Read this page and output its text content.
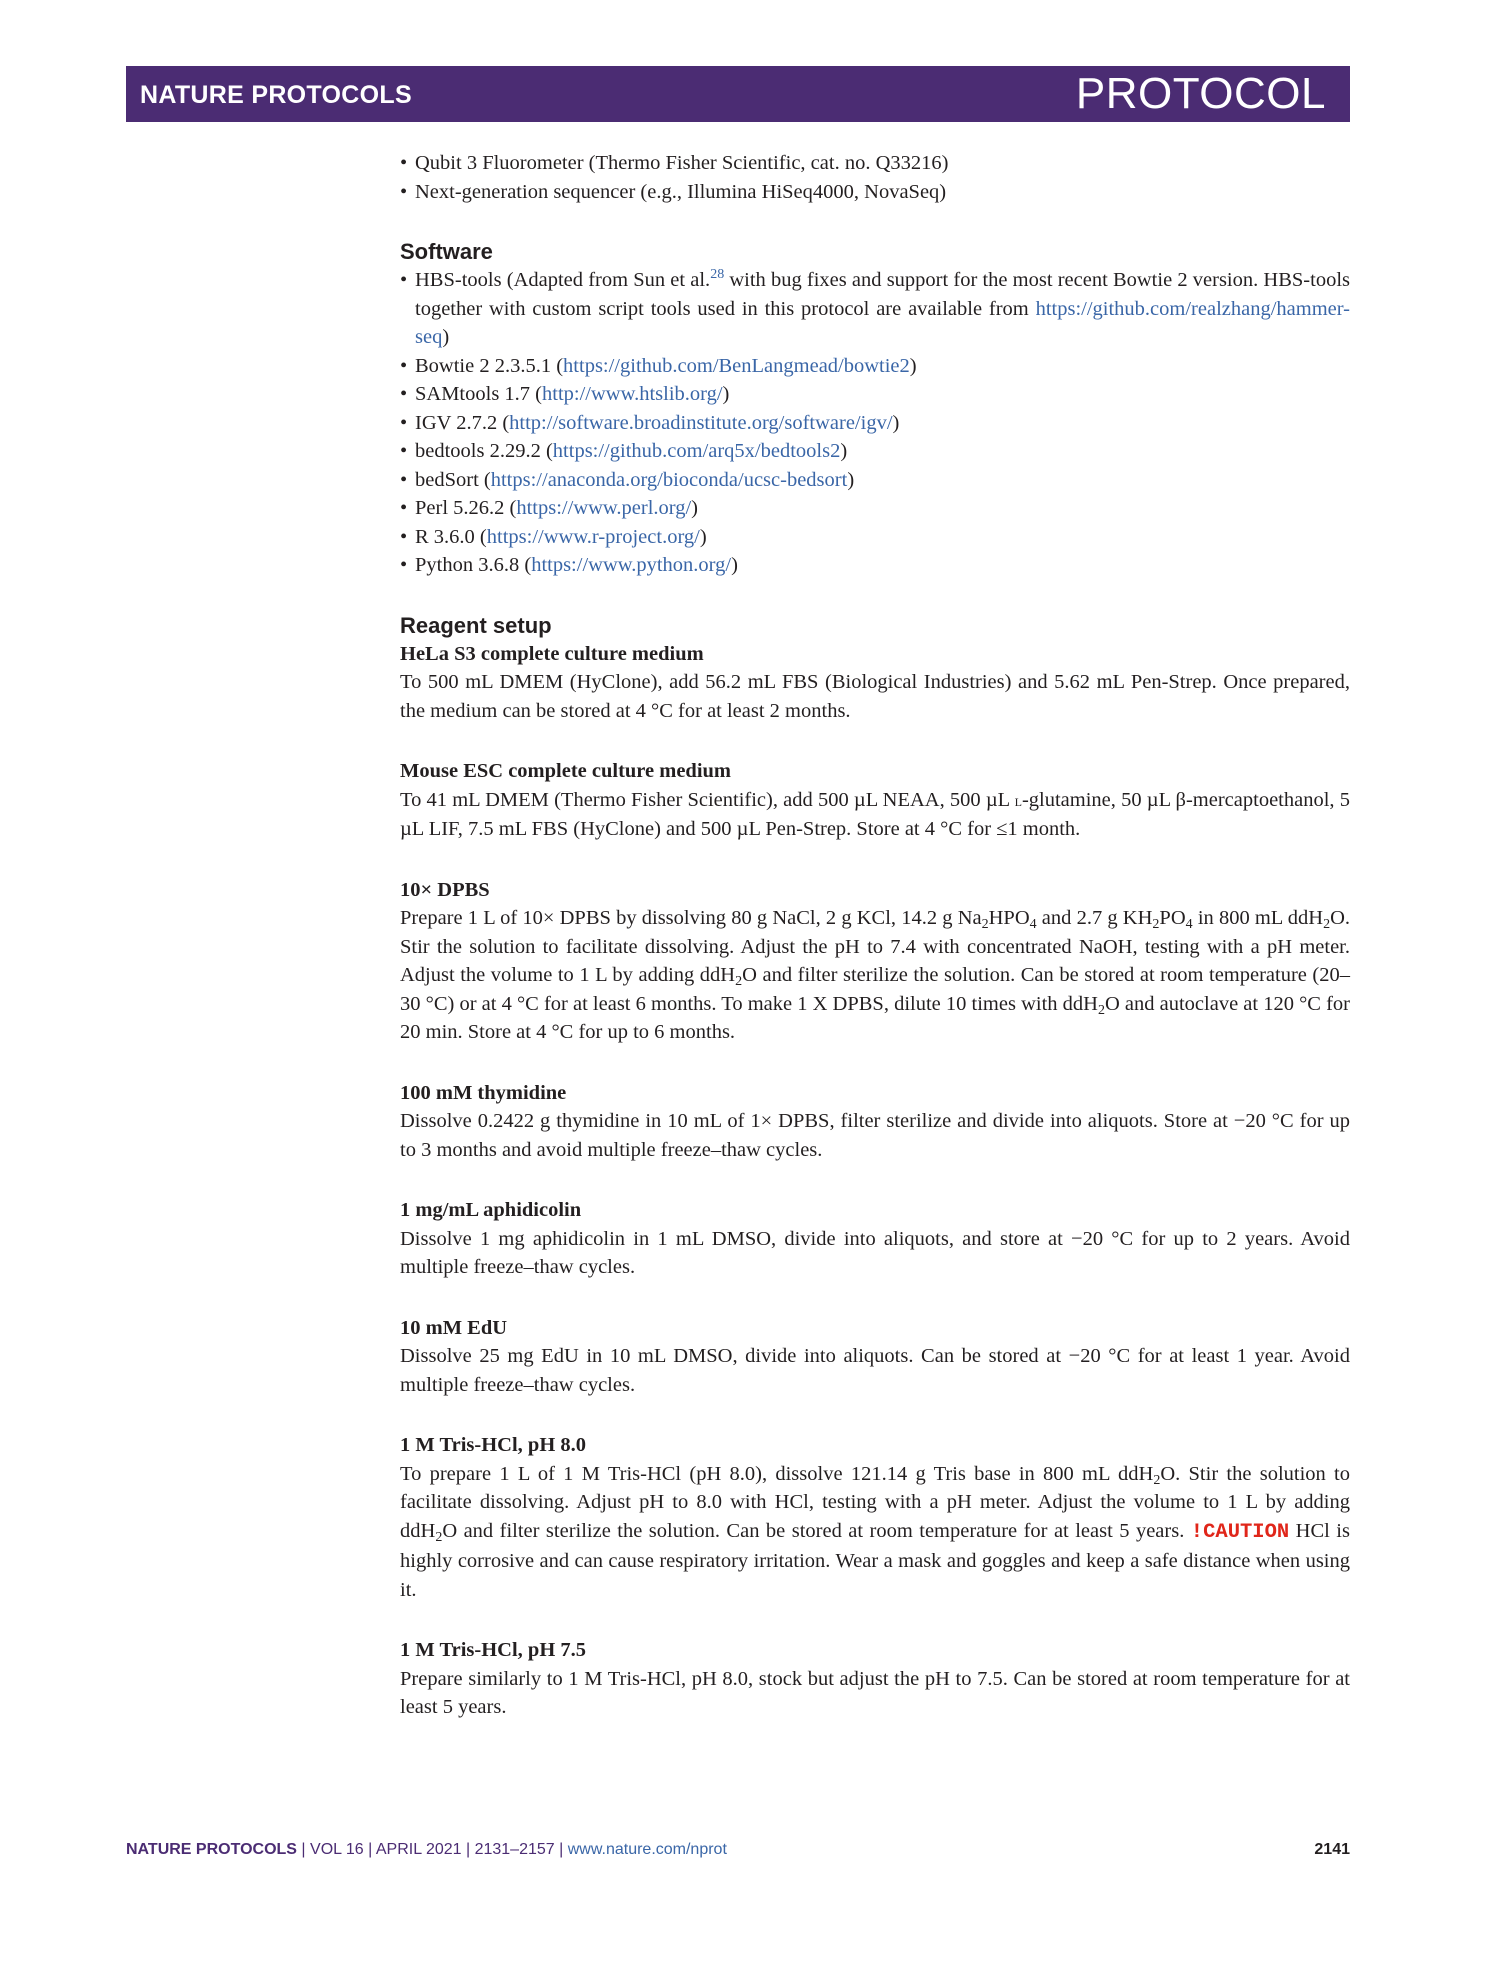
NATURE PROTOCOLS	PROTOCOL
• Qubit 3 Fluorometer (Thermo Fisher Scientific, cat. no. Q33216)
• Next-generation sequencer (e.g., Illumina HiSeq4000, NovaSeq)
Software
• HBS-tools (Adapted from Sun et al.$^{28}$ with bug fixes and support for the most recent Bowtie 2 version. HBS-tools together with custom script tools used in this protocol are available from https://github.com/realzhang/hammer-seq)
• Bowtie 2 2.3.5.1 (https://github.com/BenLangmead/bowtie2)
• SAMtools 1.7 (http://www.htslib.org/)
• IGV 2.7.2 (http://software.broadinstitute.org/software/igv/)
• bedtools 2.29.2 (https://github.com/arq5x/bedtools2)
• bedSort (https://anaconda.org/bioconda/ucsc-bedsort)
• Perl 5.26.2 (https://www.perl.org/)
• R 3.6.0 (https://www.r-project.org/)
• Python 3.6.8 (https://www.python.org/)
Reagent setup

HeLa S3 complete culture medium

To 500 mL DMEM (HyClone), add 56.2 mL FBS (Biological Industries) and 5.62 mL Pen-Strep. Once prepared, the medium can be stored at 4 °C for at least 2 months.

Mouse ESC complete culture medium

To 41 mL DMEM (Thermo Fisher Scientific), add 500 µL NEAA, 500 µL l-glutamine, 50 µL β-mercaptoethanol, 5 µL LIF, 7.5 mL FBS (HyClone) and 500 µL Pen-Strep. Store at 4 °C for ≤1 month.

10× DPBS

Prepare 1 L of 10× DPBS by dissolving 80 g NaCl, 2 g KCl, 14.2 g $Na_2HPO_4$ and 2.7 g $KH_2PO_4$ in 800 mL ddH$_2$O. Stir the solution to facilitate dissolving. Adjust the pH to 7.4 with concentrated NaOH, testing with a pH meter. Adjust the volume to 1 L by adding ddH$_2$O and filter sterilize the solution. Can be stored at room temperature (20–30 °C) or at 4 °C for at least 6 months. To make 1 X DPBS, dilute 10 times with ddH$_2$O and autoclave at 120 °C for 20 min. Store at 4 °C for up to 6 months.

100 mM thymidine

Dissolve 0.2422 g thymidine in 10 mL of 1× DPBS, filter sterilize and divide into aliquots. Store at −20 °C for up to 3 months and avoid multiple freeze–thaw cycles.

1 mg/mL aphidicolin

Dissolve 1 mg aphidicolin in 1 mL DMSO, divide into aliquots, and store at −20 °C for up to 2 years. Avoid multiple freeze–thaw cycles.

10 mM EdU

Dissolve 25 mg EdU in 10 mL DMSO, divide into aliquots. Can be stored at −20 °C for at least 1 year. Avoid multiple freeze–thaw cycles.

1 M Tris-HCl, pH 8.0

To prepare 1 L of 1 M Tris-HCl (pH 8.0), dissolve 121.14 g Tris base in 800 mL ddH$_2$O. Stir the solution to facilitate dissolving. Adjust pH to 8.0 with HCl, testing with a pH meter. Adjust the volume to 1 L by adding ddH$_2$O and filter sterilize the solution. Can be stored at room temperature for at least 5 years. !CAUTION HCl is highly corrosive and can cause respiratory irritation. Wear a mask and goggles and keep a safe distance when using it.

1 M Tris-HCl, pH 7.5

Prepare similarly to 1 M Tris-HCl, pH 8.0, stock but adjust the pH to 7.5. Can be stored at room temperature for at least 5 years.

NATURE PROTOCOLS | VOL 16 | APRIL 2021 | 2131–2157 | www.nature.com/nprot	2141
